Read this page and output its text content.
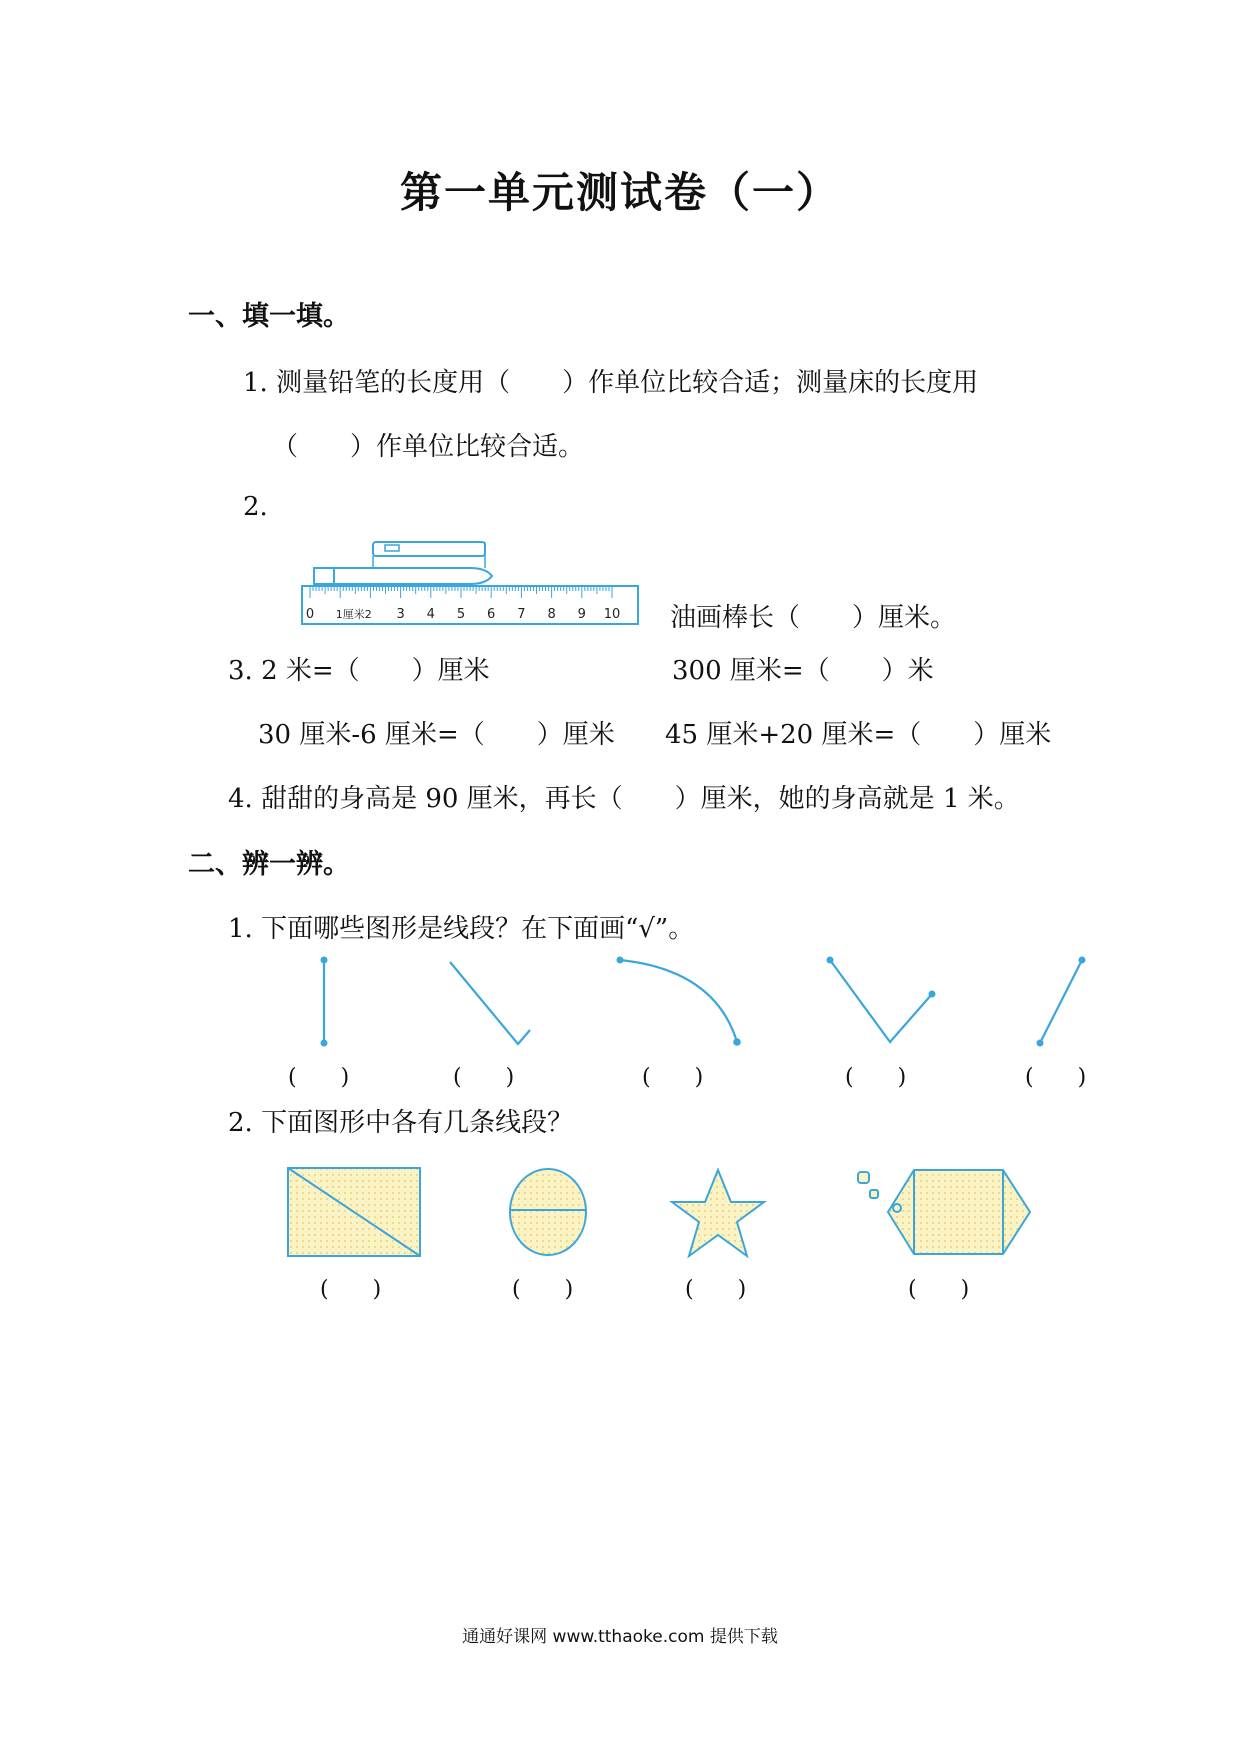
第一单元测试卷（一）
一、填一填。
1. 测量铅笔的长度用（　　）作单位比较合适；测量床的长度用
（　　）作单位比较合适。
2.
0 1厘米2 3 4 5 6 7 8 9 10 油画棒长（　　）厘米。
3. 2 米=（　　）厘米	300 厘米=（　　）米
30 厘米-6 厘米=（　　）厘米 45 厘米+20 厘米=（　　）厘米
4. 甜甜的身高是 90 厘米，再长（　　）厘米，她的身高就是 1 米。
二、辨一辨。
1. 下面哪些图形是线段？在下面画“√”。
(　　)	(　　)	(　　)	(　　)	(　　)
2. 下面图形中各有几条线段？
(　　)	(　　)	(　　)	(　　)
通通好课网 www.tthaoke.com 提供下载
